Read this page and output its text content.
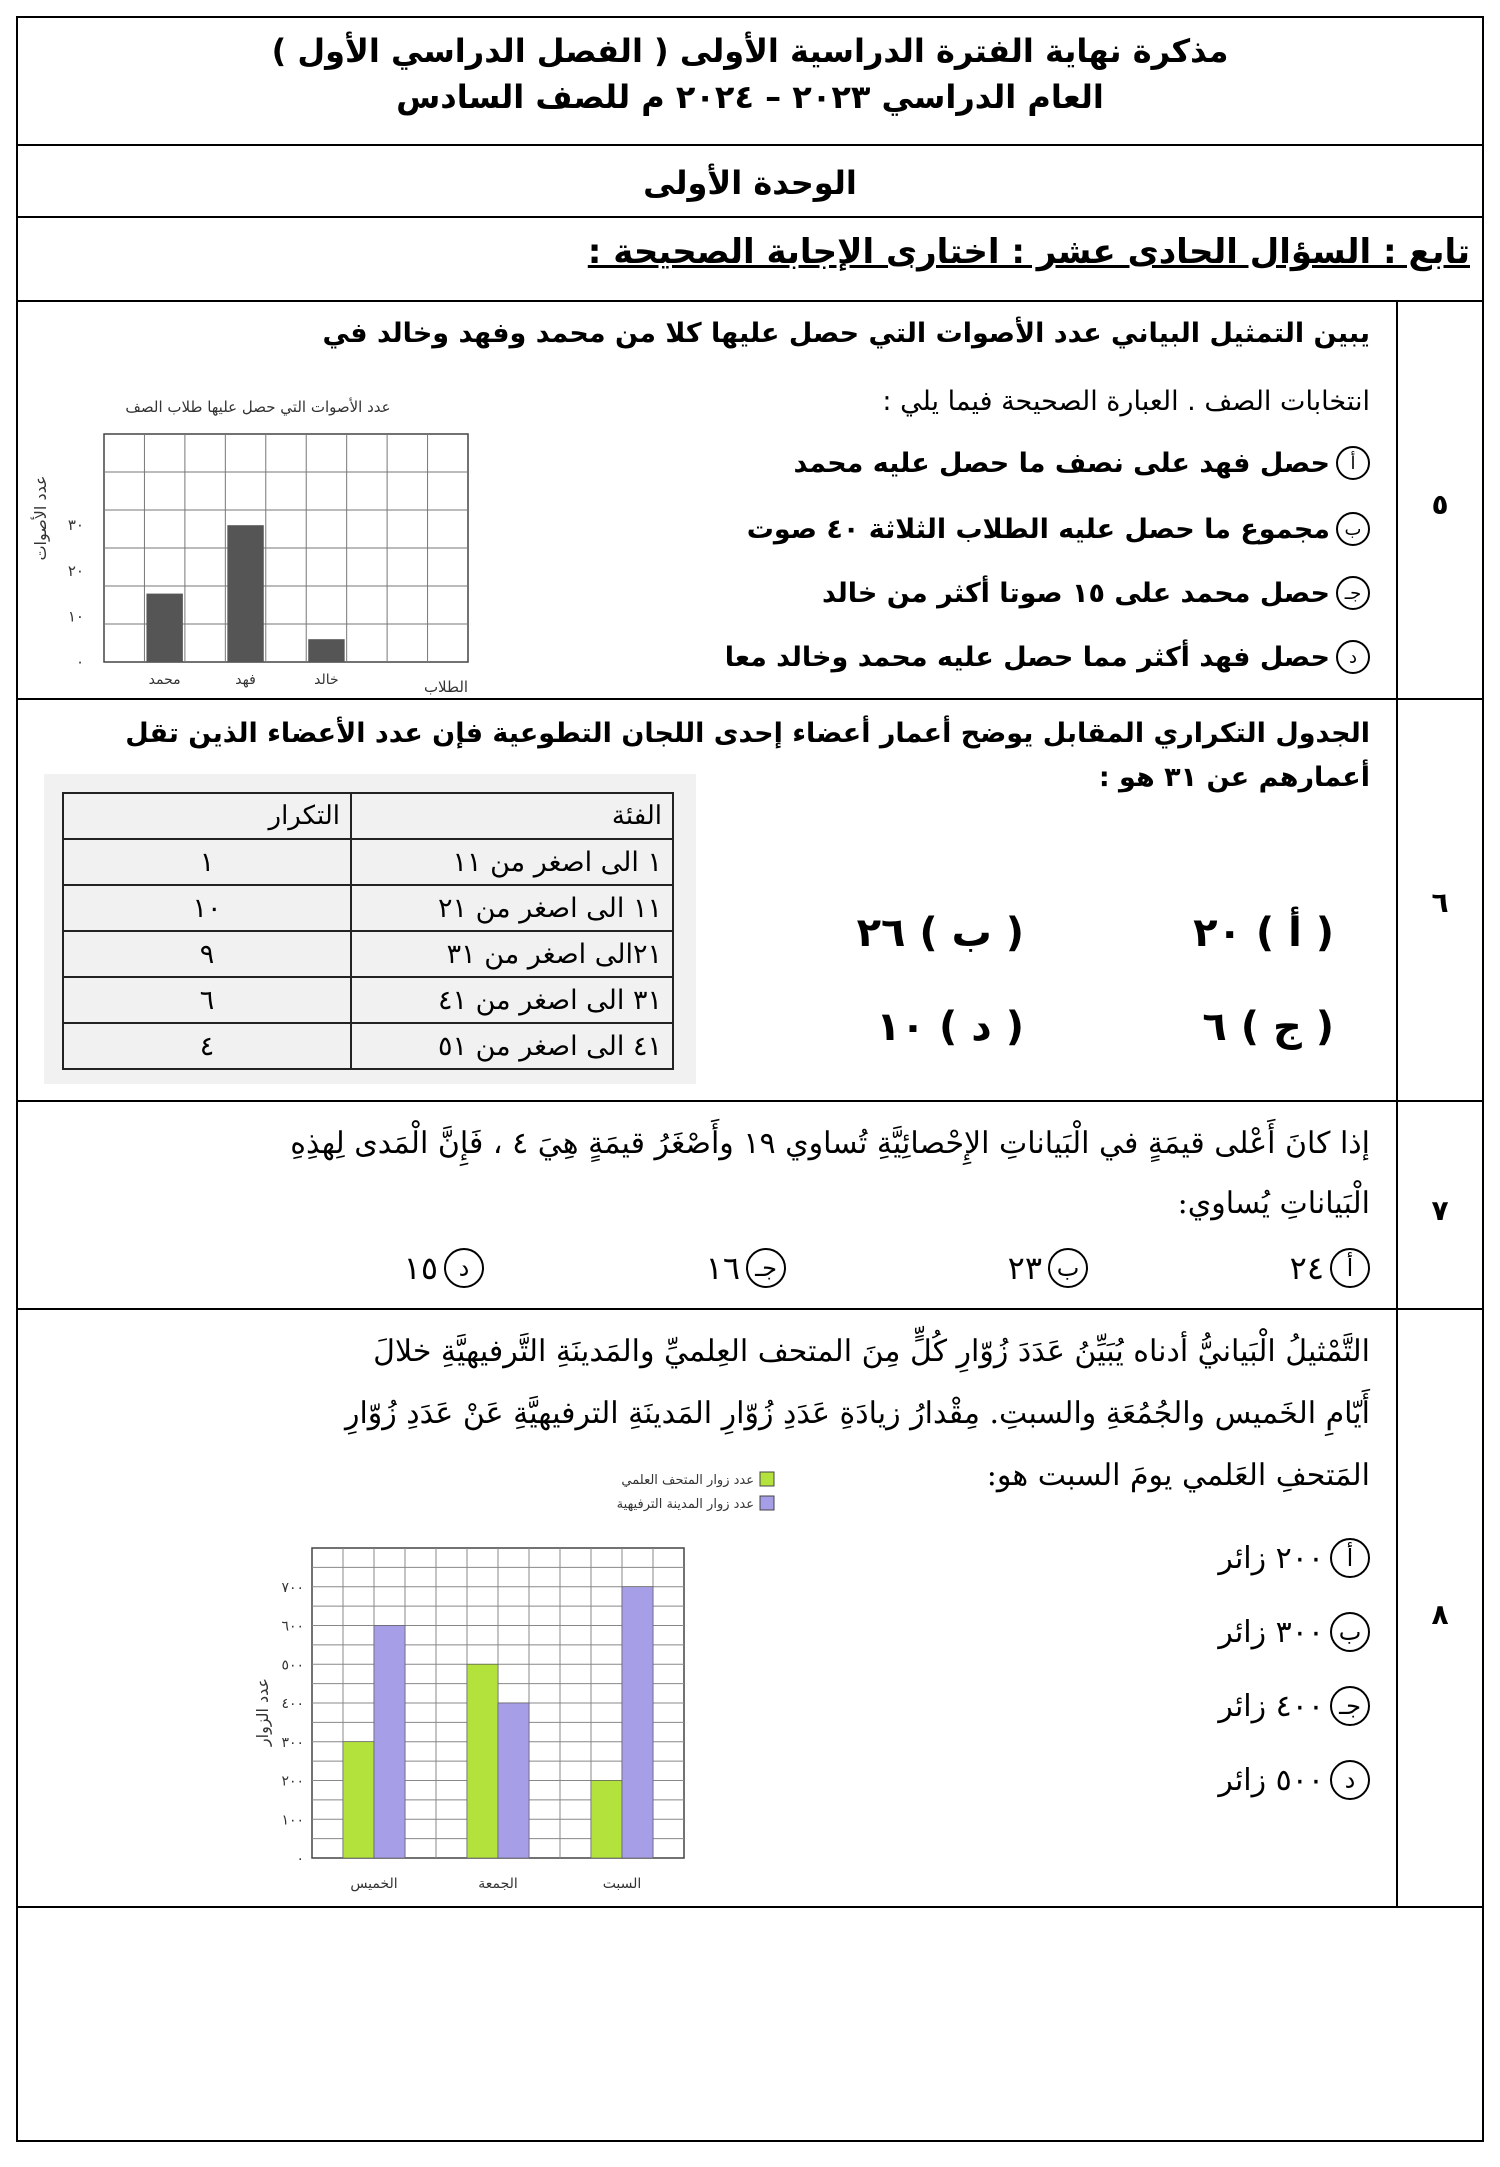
مذكرة نهاية الفترة الدراسية الأولى ( الفصل الدراسي الأول )
العام الدراسي ٢٠٢٣ – ٢٠٢٤ م للصف السادس
الوحدة الأولى
تابع : السؤال الحادى عشر : اختارى الإجابة الصحيحة :
٥
يبين التمثيل البياني عدد الأصوات التي حصل عليها كلا من محمد وفهد وخالد في
انتخابات الصف . العبارة الصحيحة فيما يلي :
أ
حصل فهد على نصف ما حصل عليه محمد
ب
مجموع ما حصل عليه الطلاب الثلاثة ٤٠ صوت
جـ
حصل محمد على ١٥ صوتا أكثر من خالد
د
حصل فهد أكثر مما حصل عليه محمد وخالد معا
عدد الأصوات التي حصل عليها طلاب الصف
عدد الأصوات
الطلاب
٠
١٠
٢٠
٣٠
محمد	فهد	خالد
٦
الجدول التكراري المقابل يوضح أعمار أعضاء إحدى اللجان التطوعية فإن عدد الأعضاء الذين تقل
أعمارهم عن ٣١ هو :
الفئة	التكرار
١ الى اصغر من ١١	١
١١ الى اصغر من ٢١	١٠
٢١الى اصغر من ٣١	٩
٣١ الى اصغر من ٤١	٦
٤١ الى اصغر من ٥١	٤
( أ ) ٢٠
( ب ) ٢٦
( ج ) ٦
( د ) ١٠
٧
إذا كانَ أَعْلى قيمَةٍ في الْبَياناتِ الإِحْصائِيَّةِ تُساوي ١٩ وأَصْغَرُ قيمَةٍ هِيَ ٤ ، فَإِنَّ الْمَدى لِهذِهِ
الْبَياناتِ يُساوي:
أ
٢٤
ب
٢٣
جـ
١٦
د
١٥
٨
التَّمْثيلُ الْبَيانيُّ أدناه يُبَيِّنُ عَدَدَ زُوّارِ كُلٍّ مِنَ المتحف العِلميِّ والمَدينَةِ التَّرفيهيَّةِ خلالَ
أَيّامِ الخَميس والجُمُعَةِ والسبتِ. مِقْدارُ زيادَةِ عَدَدِ زُوّارِ المَدينَةِ الترفيهيَّةِ عَنْ عَدَدِ زُوّارِ
المَتحفِ العَلمي يومَ السبت هو:
أ
٢٠٠ زائر
ب
٣٠٠ زائر
جـ
٤٠٠ زائر
د
٥٠٠ زائر
عدد زوار المتحف العلمي
عدد زوار المدينة الترفيهية
عدد الزوار
٠
١٠٠
٢٠٠
٣٠٠
٤٠٠
٥٠٠
٦٠٠
٧٠٠
الخميس	الجمعة	السبت
